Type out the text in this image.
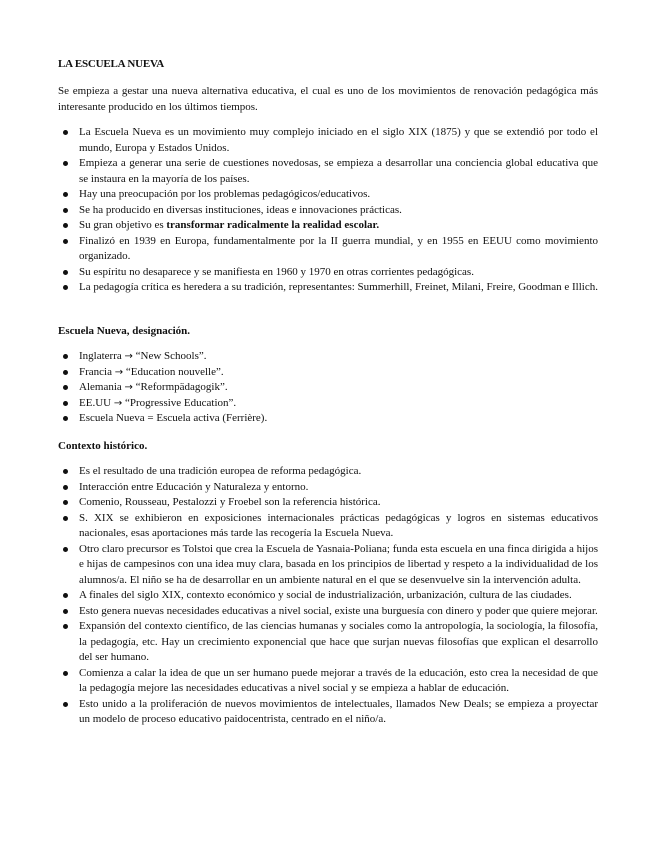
LA ESCUELA NUEVA
Se empieza a gestar una nueva alternativa educativa, el cual es uno de los movimientos de renovación pedagógica más interesante producido en los últimos tiempos.
La Escuela Nueva es un movimiento muy complejo iniciado en el siglo XIX (1875) y que se extendió por todo el mundo, Europa y Estados Unidos.
Empieza a generar una serie de cuestiones novedosas, se empieza a desarrollar una conciencia global educativa que se instaura en la mayoría de los países.
Hay una preocupación por los problemas pedagógicos/educativos.
Se ha producido en diversas instituciones, ideas e innovaciones prácticas.
Su gran objetivo es transformar radicalmente la realidad escolar.
Finalizó en 1939 en Europa, fundamentalmente por la II guerra mundial, y en 1955 en EEUU como movimiento organizado.
Su espíritu no desaparece y se manifiesta en 1960 y 1970 en otras corrientes pedagógicas.
La pedagogía crítica es heredera a su tradición, representantes: Summerhill, Freinet, Milani, Freire, Goodman e Illich.
Escuela Nueva, designación.
Inglaterra → “New Schools”.
Francia → “Education nouvelle”.
Alemania → “Reformpädagogik”.
EE.UU → “Progressive Education”.
Escuela Nueva = Escuela activa (Ferrière).
Contexto histórico.
Es el resultado de una tradición europea de reforma pedagógica.
Interacción entre Educación y Naturaleza y entorno.
Comenio, Rousseau, Pestalozzi y Froebel son la referencia histórica.
S. XIX se exhibieron en exposiciones internacionales prácticas pedagógicas y logros en sistemas educativos nacionales, esas aportaciones más tarde las recogería la Escuela Nueva.
Otro claro precursor es Tolstoi que crea la Escuela de Yasnaia-Poliana; funda esta escuela en una finca dirigida a hijos e hijas de campesinos con una idea muy clara, basada en los principios de libertad y respeto a la individualidad de los alumnos/a. El niño se ha de desarrollar en un ambiente natural en el que se desenvuelve sin la intervención adulta.
A finales del siglo XIX, contexto económico y social de industrialización, urbanización, cultura de las ciudades.
Esto genera nuevas necesidades educativas a nivel social, existe una burguesía con dinero y poder que quiere mejorar.
Expansión del contexto científico, de las ciencias humanas y sociales como la antropología, la sociología, la filosofía, la pedagogía, etc. Hay un crecimiento exponencial que hace que surjan nuevas filosofías que explican el desarrollo del ser humano.
Comienza a calar la idea de que un ser humano puede mejorar a través de la educación, esto crea la necesidad de que la pedagogía mejore las necesidades educativas a nivel social y se empieza a hablar de educación.
Esto unido a la proliferación de nuevos movimientos de intelectuales, llamados New Deals; se empieza a proyectar un modelo de proceso educativo paidocentrista, centrado en el niño/a.
